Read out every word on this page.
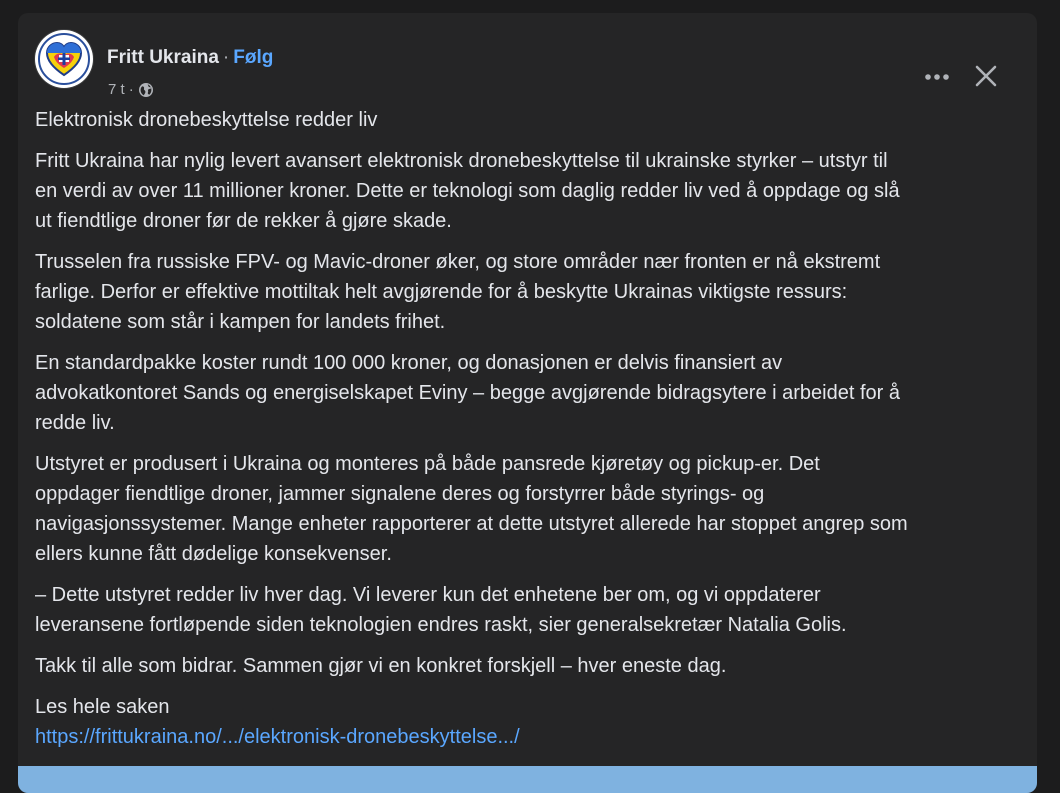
Fritt Ukraina · Følg
7 t ·

Elektronisk dronebeskyttelse redder liv

Fritt Ukraina har nylig levert avansert elektronisk dronebeskyttelse til ukrainske styrker – utstyr til
en verdi av over 11 millioner kroner. Dette er teknologi som daglig redder liv ved å oppdage og slå
ut fiendtlige droner før de rekker å gjøre skade.

Trusselen fra russiske FPV- og Mavic-droner øker, og store områder nær fronten er nå ekstremt
farlige. Derfor er effektive mottiltak helt avgjørende for å beskytte Ukrainas viktigste ressurs:
soldatene som står i kampen for landets frihet.

En standardpakke koster rundt 100 000 kroner, og donasjonen er delvis finansiert av
advokatkontoret Sands og energiselskapet Eviny – begge avgjørende bidragsytere i arbeidet for å
redde liv.

Utstyret er produsert i Ukraina og monteres på både pansrede kjøretøy og pickup-er. Det
oppdager fiendtlige droner, jammer signalene deres og forstyrrer både styrings- og
navigasjonssystemer. Mange enheter rapporterer at dette utstyret allerede har stoppet angrep som
ellers kunne fått dødelige konsekvenser.

– Dette utstyret redder liv hver dag. Vi leverer kun det enhetene ber om, og vi oppdaterer
leveransene fortløpende siden teknologien endres raskt, sier generalsekretær Natalia Golis.

Takk til alle som bidrar. Sammen gjør vi en konkret forskjell – hver eneste dag.

Les hele saken
https://frittukraina.no/.../elektronisk-dronebeskyttelse.../
